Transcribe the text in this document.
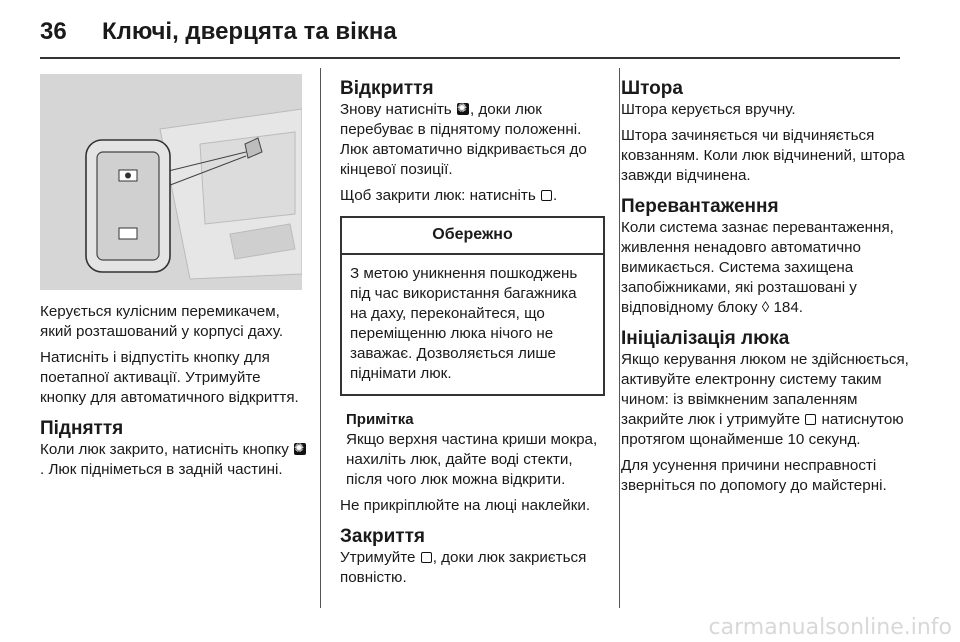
36	Ключі, дверцята та вікна

Керується кулісним перемикачем, який розташований у корпусі даху.

Натисніть і відпустіть кнопку для поетапної активації. Утримуйте кнопку для автоматичного відкриття.

Підняття

Коли люк закрито, натисніть кнопку ✺. Люк підніметься в задній частині.

Відкриття

Знову натисніть ✺ , доки люк перебуває в піднятому положенні. Люк автоматично відкривається до кінцевої позиції.

Щоб закрити люк: натисніть .

Обережно
З метою уникнення пошкоджень під час використання багажника на даху, переконайтеся, що переміщенню люка нічого не заважає. Дозволяється лише піднімати люк.
Примітка
Якщо верхня частина криши мокра, нахиліть люк, дайте воді стекти, після чого люк можна відкрити.

Не прикріплюйте на люці наклейки.

Закриття

Утримуйте , доки люк закриється повністю.

Штора

Штора керується вручну.

Штора зачиняється чи відчиняється ковзанням. Коли люк відчинений, штора завжди відчинена.

Перевантаження

Коли система зазнає перевантаження, живлення ненадовго автоматично вимикається. Система захищена запобіжниками, які розташовані у відповідному блоку ◊ 184.

Ініціалізація люка

Якщо керування люком не здійснюється, активуйте електронну систему таким чином: із ввімкненим запаленням закрийте люк і утримуйте натиснутою протягом щонайменше 10 секунд.

Для усунення причини несправності зверніться по допомогу до майстерні.

carmanualsonline.info
